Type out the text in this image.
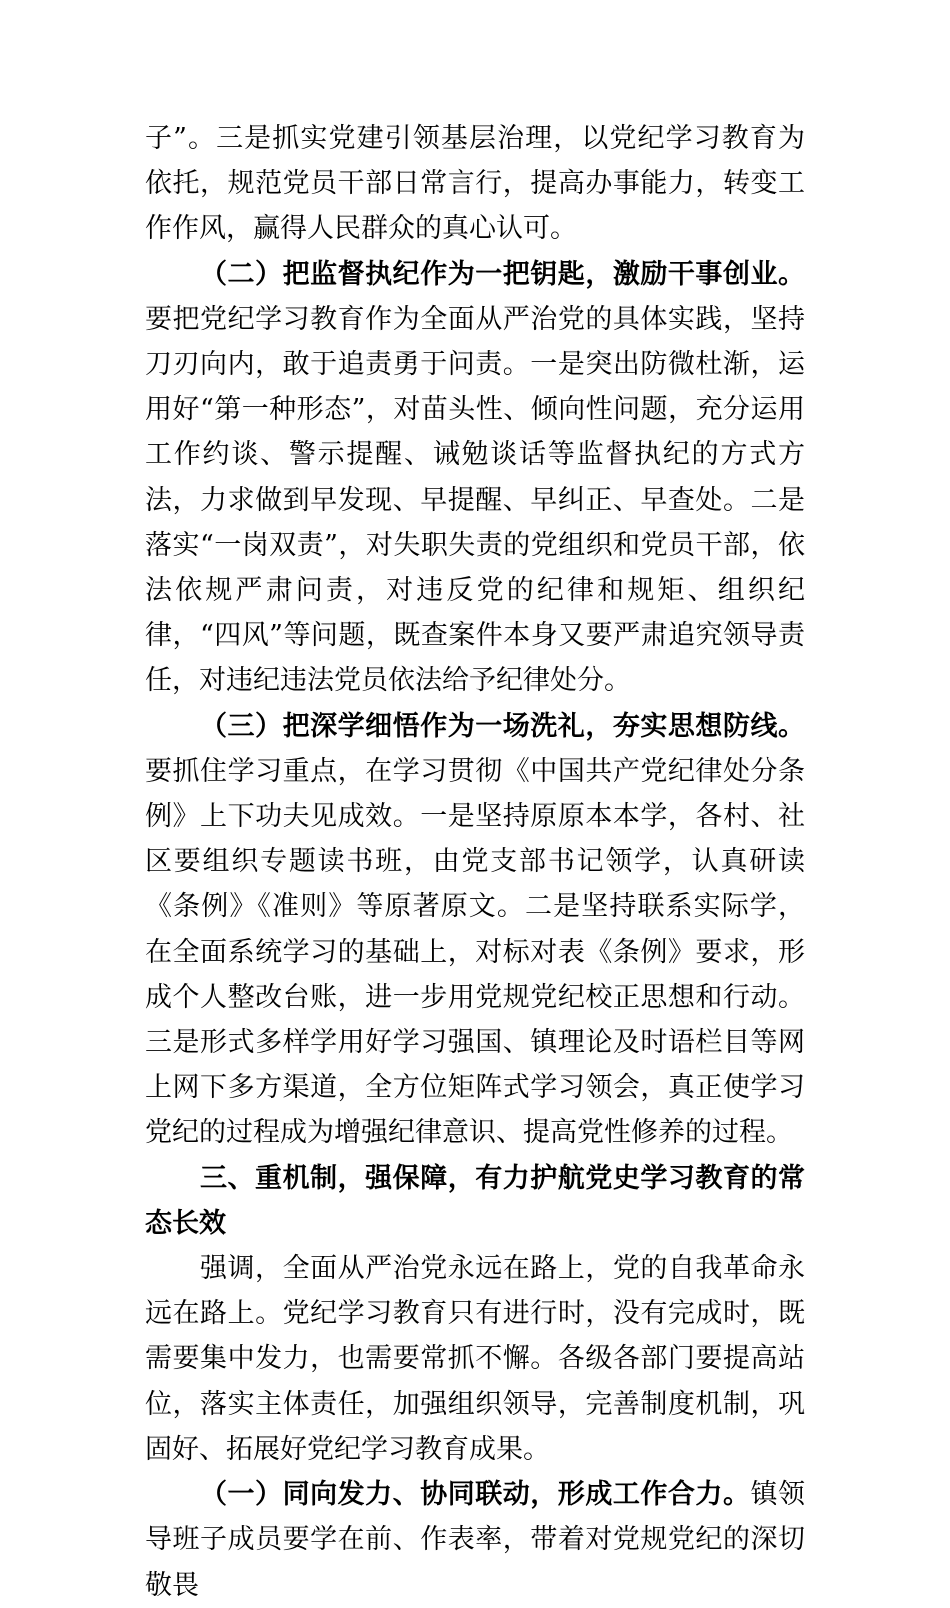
子”。三是抓实党建引领基层治理，以党纪学习教育为依托，规范党员干部日常言行，提高办事能力，转变工作作风，赢得人民群众的真心认可。

（二）把监督执纪作为一把钥匙，激励干事创业。要把党纪学习教育作为全面从严治党的具体实践，坚持刀刃向内，敢于追责勇于问责。一是突出防微杜渐，运用好“第一种形态”，对苗头性、倾向性问题，充分运用工作约谈、警示提醒、诫勉谈话等监督执纪的方式方法，力求做到早发现、早提醒、早纠正、早查处。二是落实“一岗双责”，对失职失责的党组织和党员干部，依法依规严肃问责，对违反党的纪律和规矩、组织纪律，“四风”等问题，既查案件本身又要严肃追究领导责任，对违纪违法党员依法给予纪律处分。

（三）把深学细悟作为一场洗礼，夯实思想防线。要抓住学习重点，在学习贯彻《中国共产党纪律处分条例》上下功夫见成效。一是坚持原原本本学，各村、社区要组织专题读书班，由党支部书记领学，认真研读《条例》《准则》等原著原文。二是坚持联系实际学，在全面系统学习的基础上，对标对表《条例》要求，形成个人整改台账，进一步用党规党纪校正思想和行动。三是形式多样学用好学习强国、镇理论及时语栏目等网上网下多方渠道，全方位矩阵式学习领会，真正使学习党纪的过程成为增强纪律意识、提高党性修养的过程。

三、重机制，强保障，有力护航党史学习教育的常态长效

强调，全面从严治党永远在路上，党的自我革命永远在路上。党纪学习教育只有进行时，没有完成时，既需要集中发力，也需要常抓不懈。各级各部门要提高站位，落实主体责任，加强组织领导，完善制度机制，巩固好、拓展好党纪学习教育成果。

（一）同向发力、协同联动，形成工作合力。镇领导班子成员要学在前、作表率，带着对党规党纪的深切敬畏
